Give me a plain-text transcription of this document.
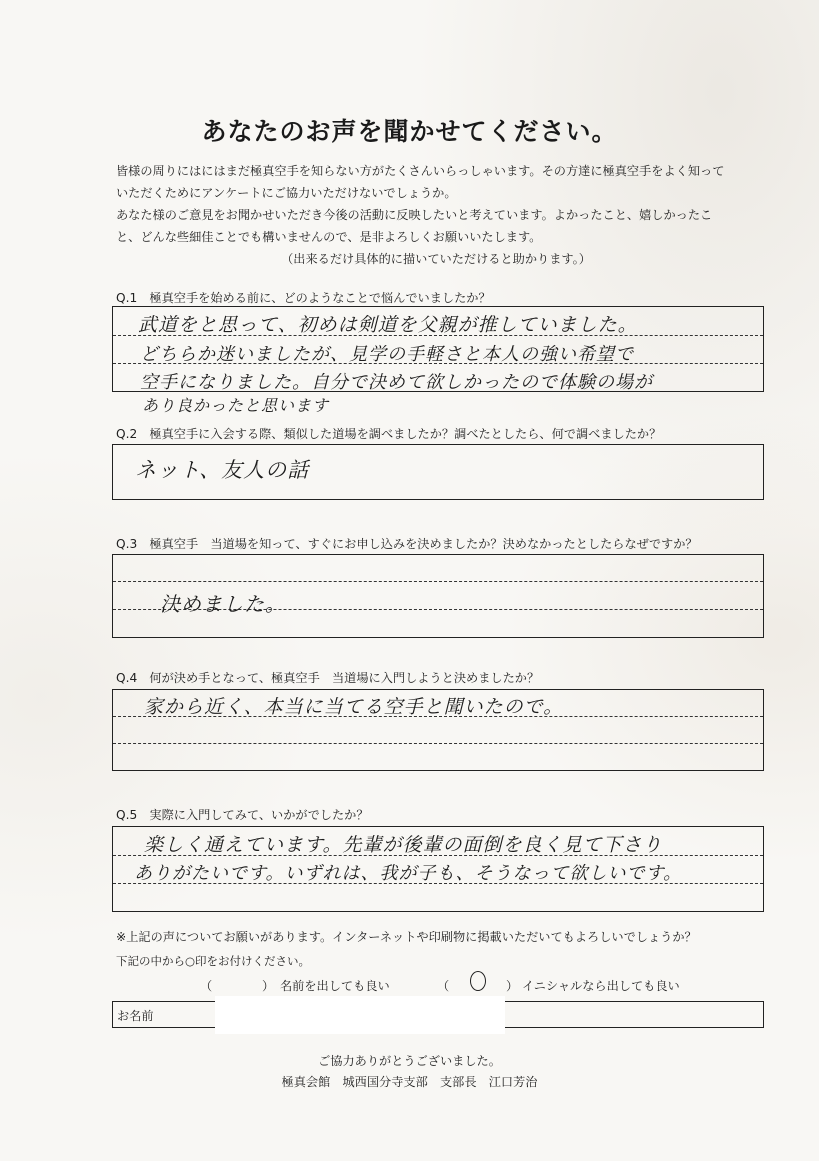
あなたのお声を聞かせてください。

皆様の周りにはにはまだ極真空手を知らない方がたくさんいらっしゃいます。その方達に極真空手をよく知って

いただくためにアンケートにご協力いただけないでしょうか。

あなた様のご意見をお聞かせいただき今後の活動に反映したいと考えています。よかったこと、嬉しかったこ

と、どんな些細佳ことでも構いませんので、是非よろしくお願いいたします。

（出来るだけ具体的に描いていただけると助かります。）

Q.1　極真空手を始める前に、どのようなことで悩んでいましたか？
武道をと思って、初めは剣道を父親が推していました。
どちらか迷いましたが、見学の手軽さと本人の強い希望で
空手になりました。自分で決めて欲しかったので体験の場が
あり良かったと思います
Q.2　極真空手に入会する際、類似した道場を調べましたか？調べたとしたら、何で調べましたか？
ネット、友人の話
Q.3　極真空手　当道場を知って、すぐにお申し込みを決めましたか？決めなかったとしたらなぜですか？
決めました。
Q.4　何が決め手となって、極真空手　当道場に入門しようと決めましたか？
家から近く、本当に当てる空手と聞いたので。
Q.5　実際に入門してみて、いかがでしたか？
楽しく通えています。先輩が後輩の面倒を良く見て下さり
ありがたいです。いずれは、我が子も、そうなって欲しいです。
※上記の声についてお願いがあります。インターネットや印刷物に掲載いただいてもよろしいでしょうか？
下記の中から○印をお付けください。
（	） 名前を出しても良い	（	） イニシャルなら出しても良い
お名前
ご協力ありがとうございました。
極真会館　城西国分寺支部　支部長　江口芳治
